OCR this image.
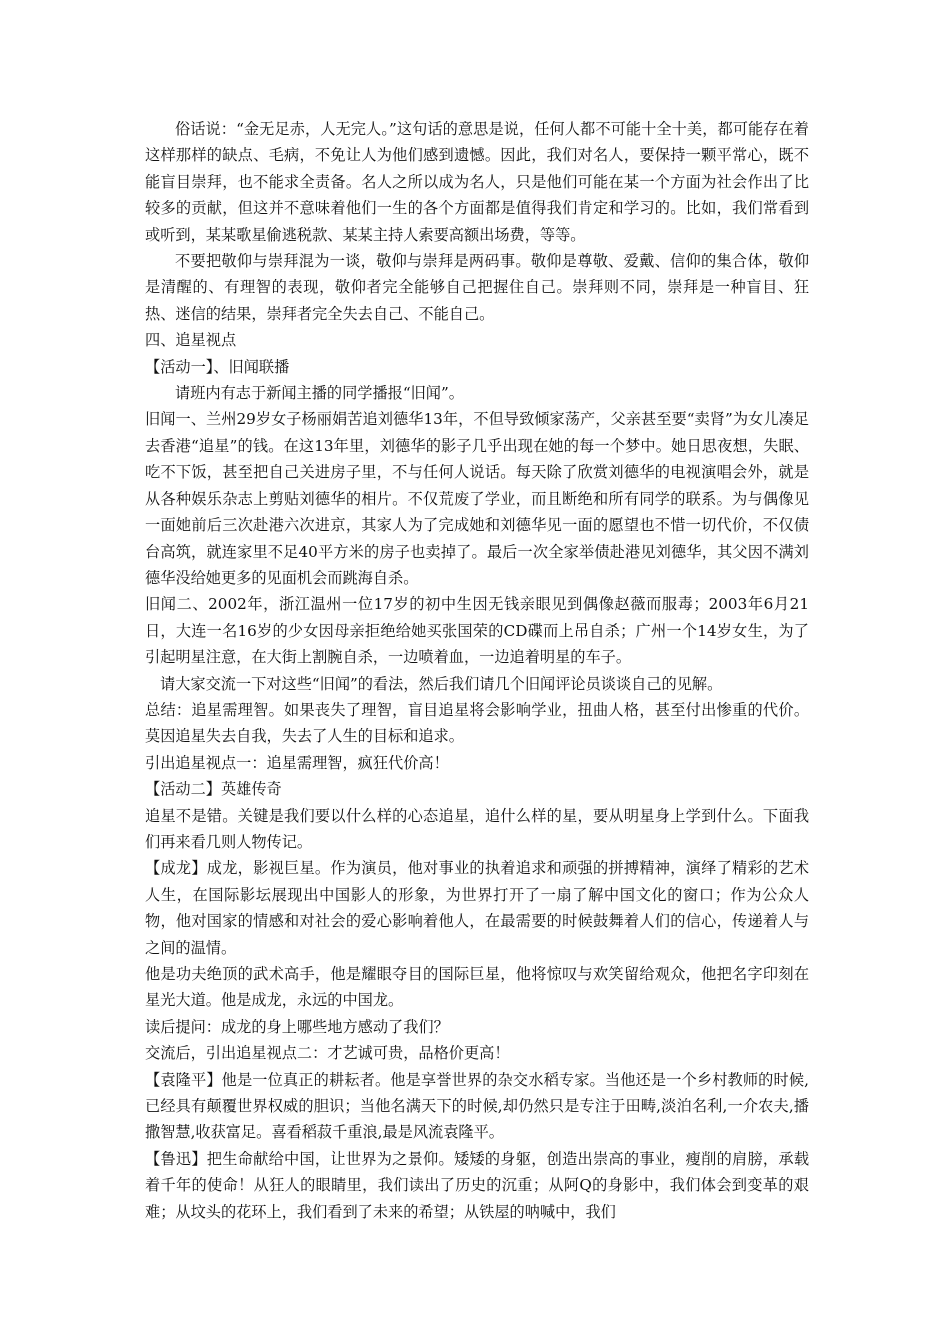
俗话说：“金无足赤，人无完人。”这句话的意思是说，任何人都不可能十全十美，都可能存在着这样那样的缺点、毛病，不免让人为他们感到遗憾。因此，我们对名人，要保持一颗平常心，既不能盲目崇拜，也不能求全责备。名人之所以成为名人，只是他们可能在某一个方面为社会作出了比较多的贡献，但这并不意味着他们一生的各个方面都是值得我们肯定和学习的。比如，我们常看到或听到，某某歌星偷逃税款、某某主持人索要高额出场费，等等。

不要把敬仰与崇拜混为一谈，敬仰与崇拜是两码事。敬仰是尊敬、爱戴、信仰的集合体，敬仰是清醒的、有理智的表现，敬仰者完全能够自己把握住自己。崇拜则不同，崇拜是一种盲目、狂热、迷信的结果，崇拜者完全失去自己、不能自己。

四、追星视点

【活动一】、旧闻联播

请班内有志于新闻主播的同学播报“旧闻”。

旧闻一、兰州29岁女子杨丽娟苦追刘德华13年，不但导致倾家荡产，父亲甚至要“卖肾”为女儿凑足去香港“追星”的钱。在这13年里，刘德华的影子几乎出现在她的每一个梦中。她日思夜想，失眠、吃不下饭，甚至把自己关进房子里，不与任何人说话。每天除了欣赏刘德华的电视演唱会外，就是从各种娱乐杂志上剪贴刘德华的相片。不仅荒废了学业，而且断绝和所有同学的联系。为与偶像见一面她前后三次赴港六次进京，其家人为了完成她和刘德华见一面的愿望也不惜一切代价，不仅债台高筑，就连家里不足40平方米的房子也卖掉了。最后一次全家举债赴港见刘德华，其父因不满刘德华没给她更多的见面机会而跳海自杀。

旧闻二、2002年，浙江温州一位17岁的初中生因无钱亲眼见到偶像赵薇而服毒；2003年6月21日，大连一名16岁的少女因母亲拒绝给她买张国荣的CD碟而上吊自杀；广州一个14岁女生，为了引起明星注意，在大街上割腕自杀，一边喷着血，一边追着明星的车子。

请大家交流一下对这些“旧闻”的看法，然后我们请几个旧闻评论员谈谈自己的见解。

总结：追星需理智。如果丧失了理智，盲目追星将会影响学业，扭曲人格，甚至付出惨重的代价。莫因追星失去自我，失去了人生的目标和追求。

引出追星视点一：追星需理智，疯狂代价高！

【活动二】英雄传奇

追星不是错。关键是我们要以什么样的心态追星，追什么样的星，要从明星身上学到什么。下面我们再来看几则人物传记。

【成龙】成龙，影视巨星。作为演员，他对事业的执着追求和顽强的拼搏精神，演绎了精彩的艺术人生，在国际影坛展现出中国影人的形象，为世界打开了一扇了解中国文化的窗口；作为公众人物，他对国家的情感和对社会的爱心影响着他人，在最需要的时候鼓舞着人们的信心，传递着人与之间的温情。

他是功夫绝顶的武术高手，他是耀眼夺目的国际巨星，他将惊叹与欢笑留给观众，他把名字印刻在星光大道。他是成龙，永远的中国龙。

读后提问：成龙的身上哪些地方感动了我们？

交流后，引出追星视点二：才艺诚可贵，品格价更高！

【袁隆平】他是一位真正的耕耘者。他是享誉世界的杂交水稻专家。当他还是一个乡村教师的时候,已经具有颠覆世界权威的胆识；当他名满天下的时候,却仍然只是专注于田畴,淡泊名利,一介农夫,播撒智慧,收获富足。喜看稻菽千重浪,最是风流袁隆平。

【鲁迅】把生命献给中国，让世界为之景仰。矮矮的身躯，创造出崇高的事业，瘦削的肩膀，承载着千年的使命！从狂人的眼睛里，我们读出了历史的沉重；从阿Q的身影中，我们体会到变革的艰难；从坟头的花环上，我们看到了未来的希望；从铁屋的呐喊中，我们
